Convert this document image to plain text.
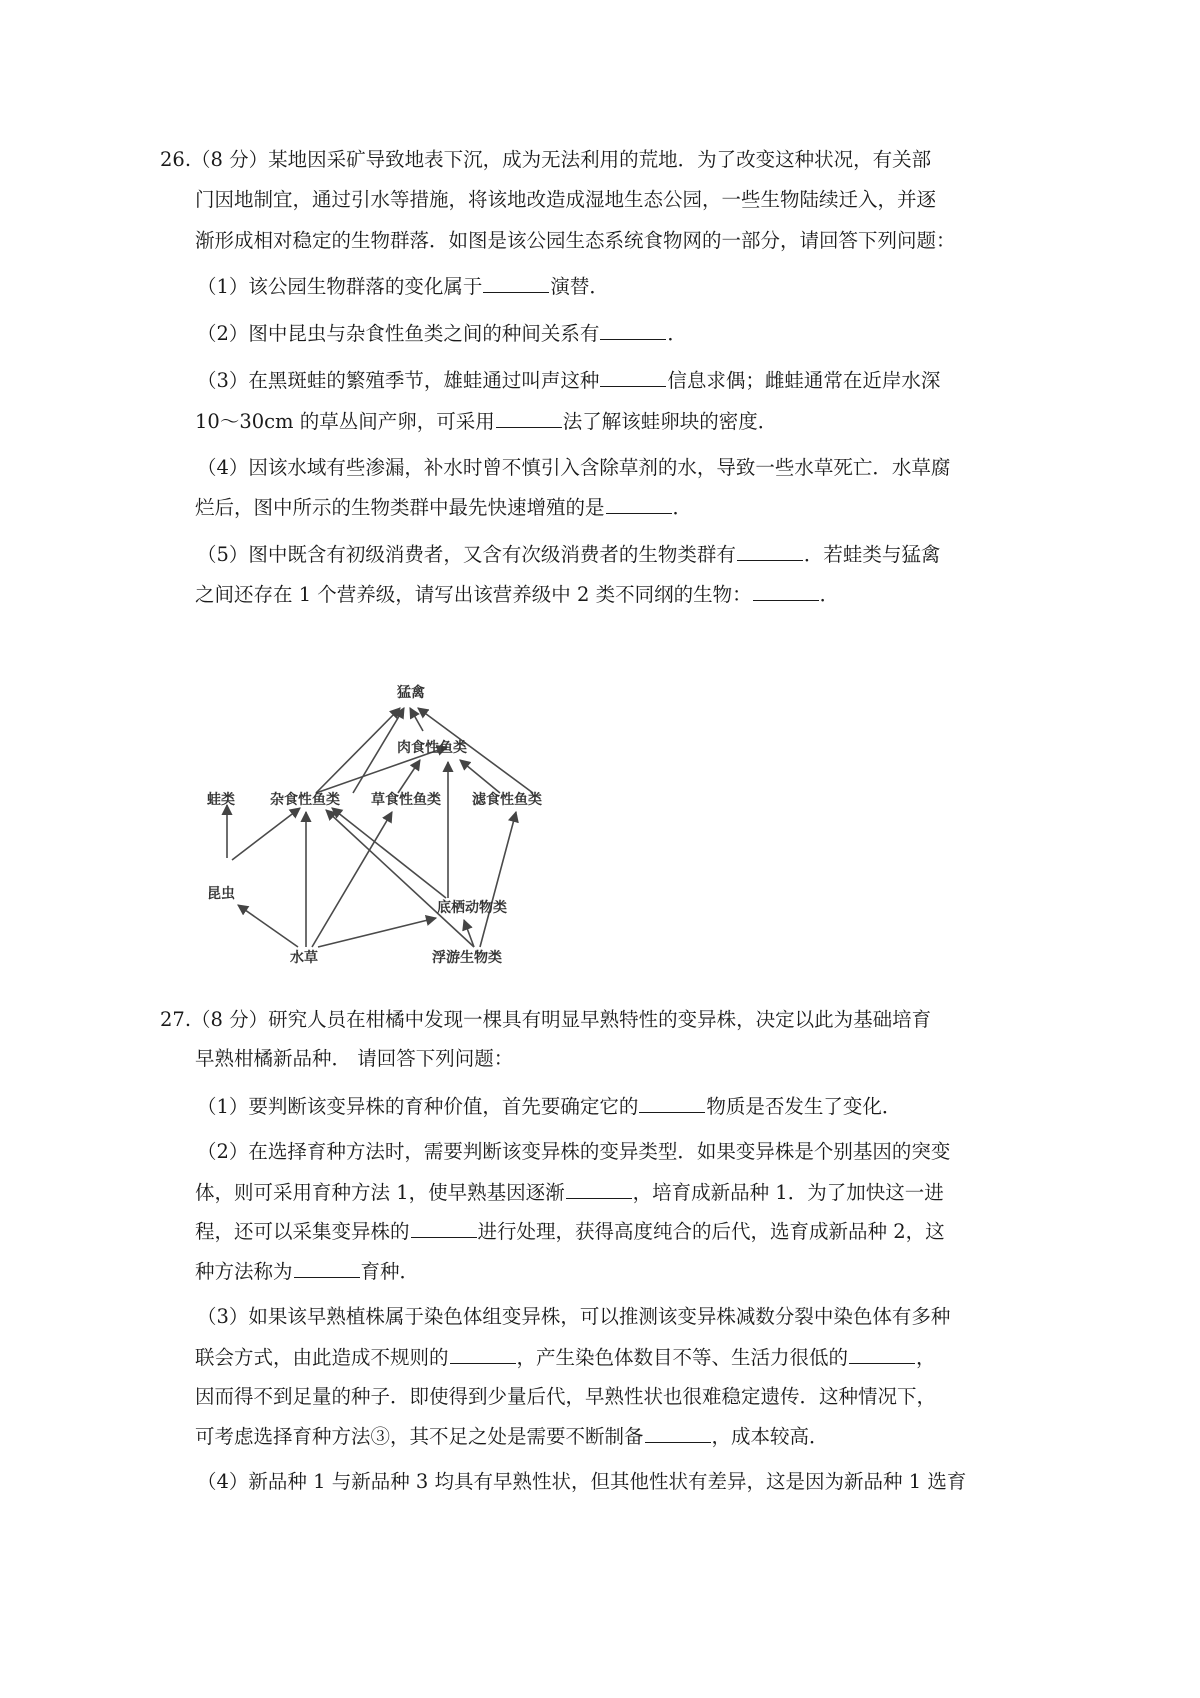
26.（8 分）某地因采矿导致地表下沉，成为无法利用的荒地．为了改变这种状况，有关部
门因地制宜，通过引水等措施，将该地改造成湿地生态公园，一些生物陆续迁入，并逐
渐形成相对稳定的生物群落．如图是该公园生态系统食物网的一部分，请回答下列问题：
（1）该公园生物群落的变化属于	演替．
（2）图中昆虫与杂食性鱼类之间的种间关系有	．
（3）在黑斑蛙的繁殖季节，雄蛙通过叫声这种	信息求偶；雌蛙通常在近岸水深
10～30cm 的草丛间产卵，可采用	法了解该蛙卵块的密度．
（4）因该水域有些渗漏，补水时曾不慎引入含除草剂的水，导致一些水草死亡．水草腐
烂后，图中所示的生物类群中最先快速增殖的是	．
（5）图中既含有初级消费者，又含有次级消费者的生物类群有	．若蛙类与猛禽
之间还存在 1 个营养级，请写出该营养级中 2 类不同纲的生物：	．
猛禽
肉食性鱼类
蛙类	杂食性鱼类 草食性鱼类 滤食性鱼类
底栖动物类
昆虫
水草	浮游生物类
27.（8 分）研究人员在柑橘中发现一棵具有明显早熟特性的变异株，决定以此为基础培育
早熟柑橘新品种． 请回答下列问题：
（1）要判断该变异株的育种价值，首先要确定它的	物质是否发生了变化．
（2）在选择育种方法时，需要判断该变异株的变异类型．如果变异株是个别基因的突变
体，则可采用育种方法 1，使早熟基因逐渐	，培育成新品种 1．为了加快这一进
程，还可以采集变异株的	进行处理，获得高度纯合的后代，选育成新品种 2，这
种方法称为	育种．
（3）如果该早熟植株属于染色体组变异株，可以推测该变异株减数分裂中染色体有多种
联会方式，由此造成不规则的	，产生染色体数目不等、生活力很低的	，
因而得不到足量的种子．即使得到少量后代，早熟性状也很难稳定遗传．这种情况下，
可考虑选择育种方法③，其不足之处是需要不断制备	，成本较高．
（4）新品种 1 与新品种 3 均具有早熟性状，但其他性状有差异，这是因为新品种 1 选育
